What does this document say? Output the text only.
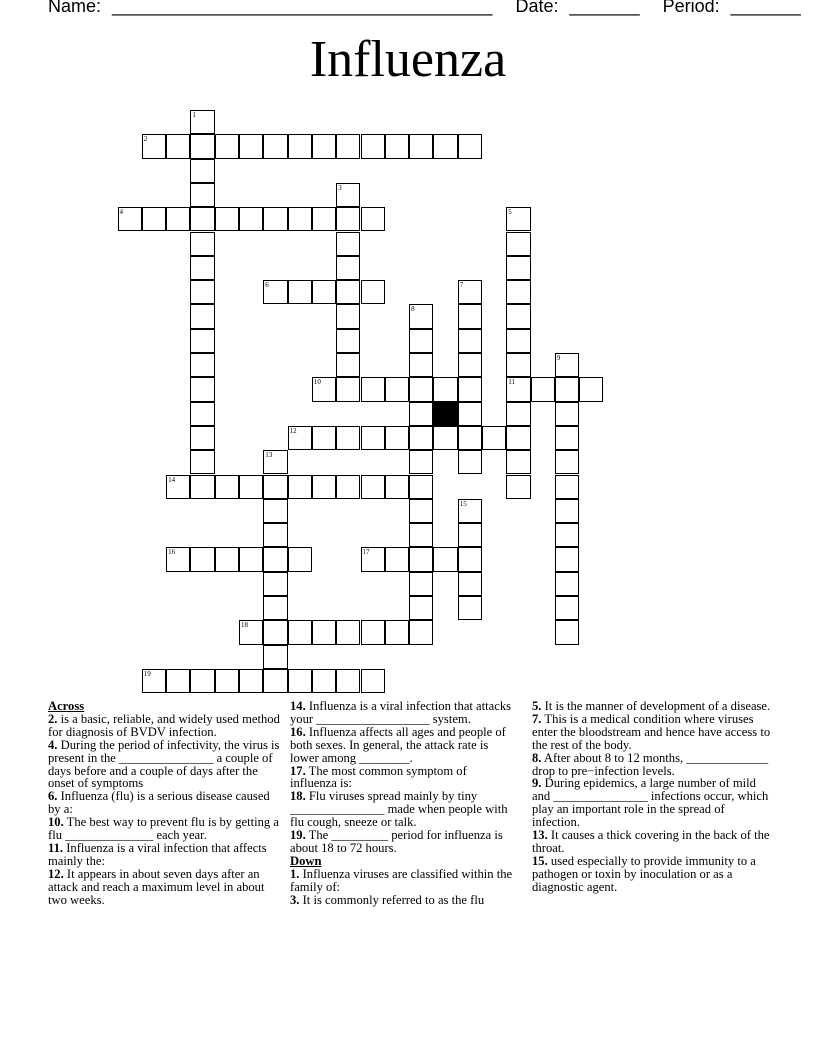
Name: ______________________________________ Date: _______ Period: _______
Influenza
1
2
3
4	5
11
6	7
8
9
10
12
13
14
15
16	17
18
19

Across

2. is a basic, reliable, and widely used method for diagnosis of BVDV infection.

4. During the period of infectivity, the virus is present in the _______________ a couple of days before and a couple of days after the onset of symptoms

6. Influenza (flu) is a serious disease caused by a:

10. The best way to prevent flu is by getting a flu ______________ each year.

11. Influenza is a viral infection that affects mainly the:

12. It appears in about seven days after an attack and reach a maximum level in about two weeks.

14. Influenza is a viral infection that attacks your __________________ system.

16. Influenza affects all ages and people of both sexes. In general, the attack rate is lower among ________.

17. The most common symptom of influenza is:

18. Flu viruses spread mainly by tiny _______________ made when people with flu cough, sneeze or talk.

19. The _________ period for influenza is about 18 to 72 hours.

Down

1. Influenza viruses are classified within the family of:

3. It is commonly referred to as the flu

5. It is the manner of development of a disease.

7. This is a medical condition where viruses enter the bloodstream and hence have access to the rest of the body.

8. After about 8 to 12 months, _____________ drop to pre−infection levels.

9. During epidemics, a large number of mild and _______________ infections occur, which play an important role in the spread of infection.

13. It causes a thick covering in the back of the throat.

15. used especially to provide immunity to a pathogen or toxin by inoculation or as a diagnostic agent.
